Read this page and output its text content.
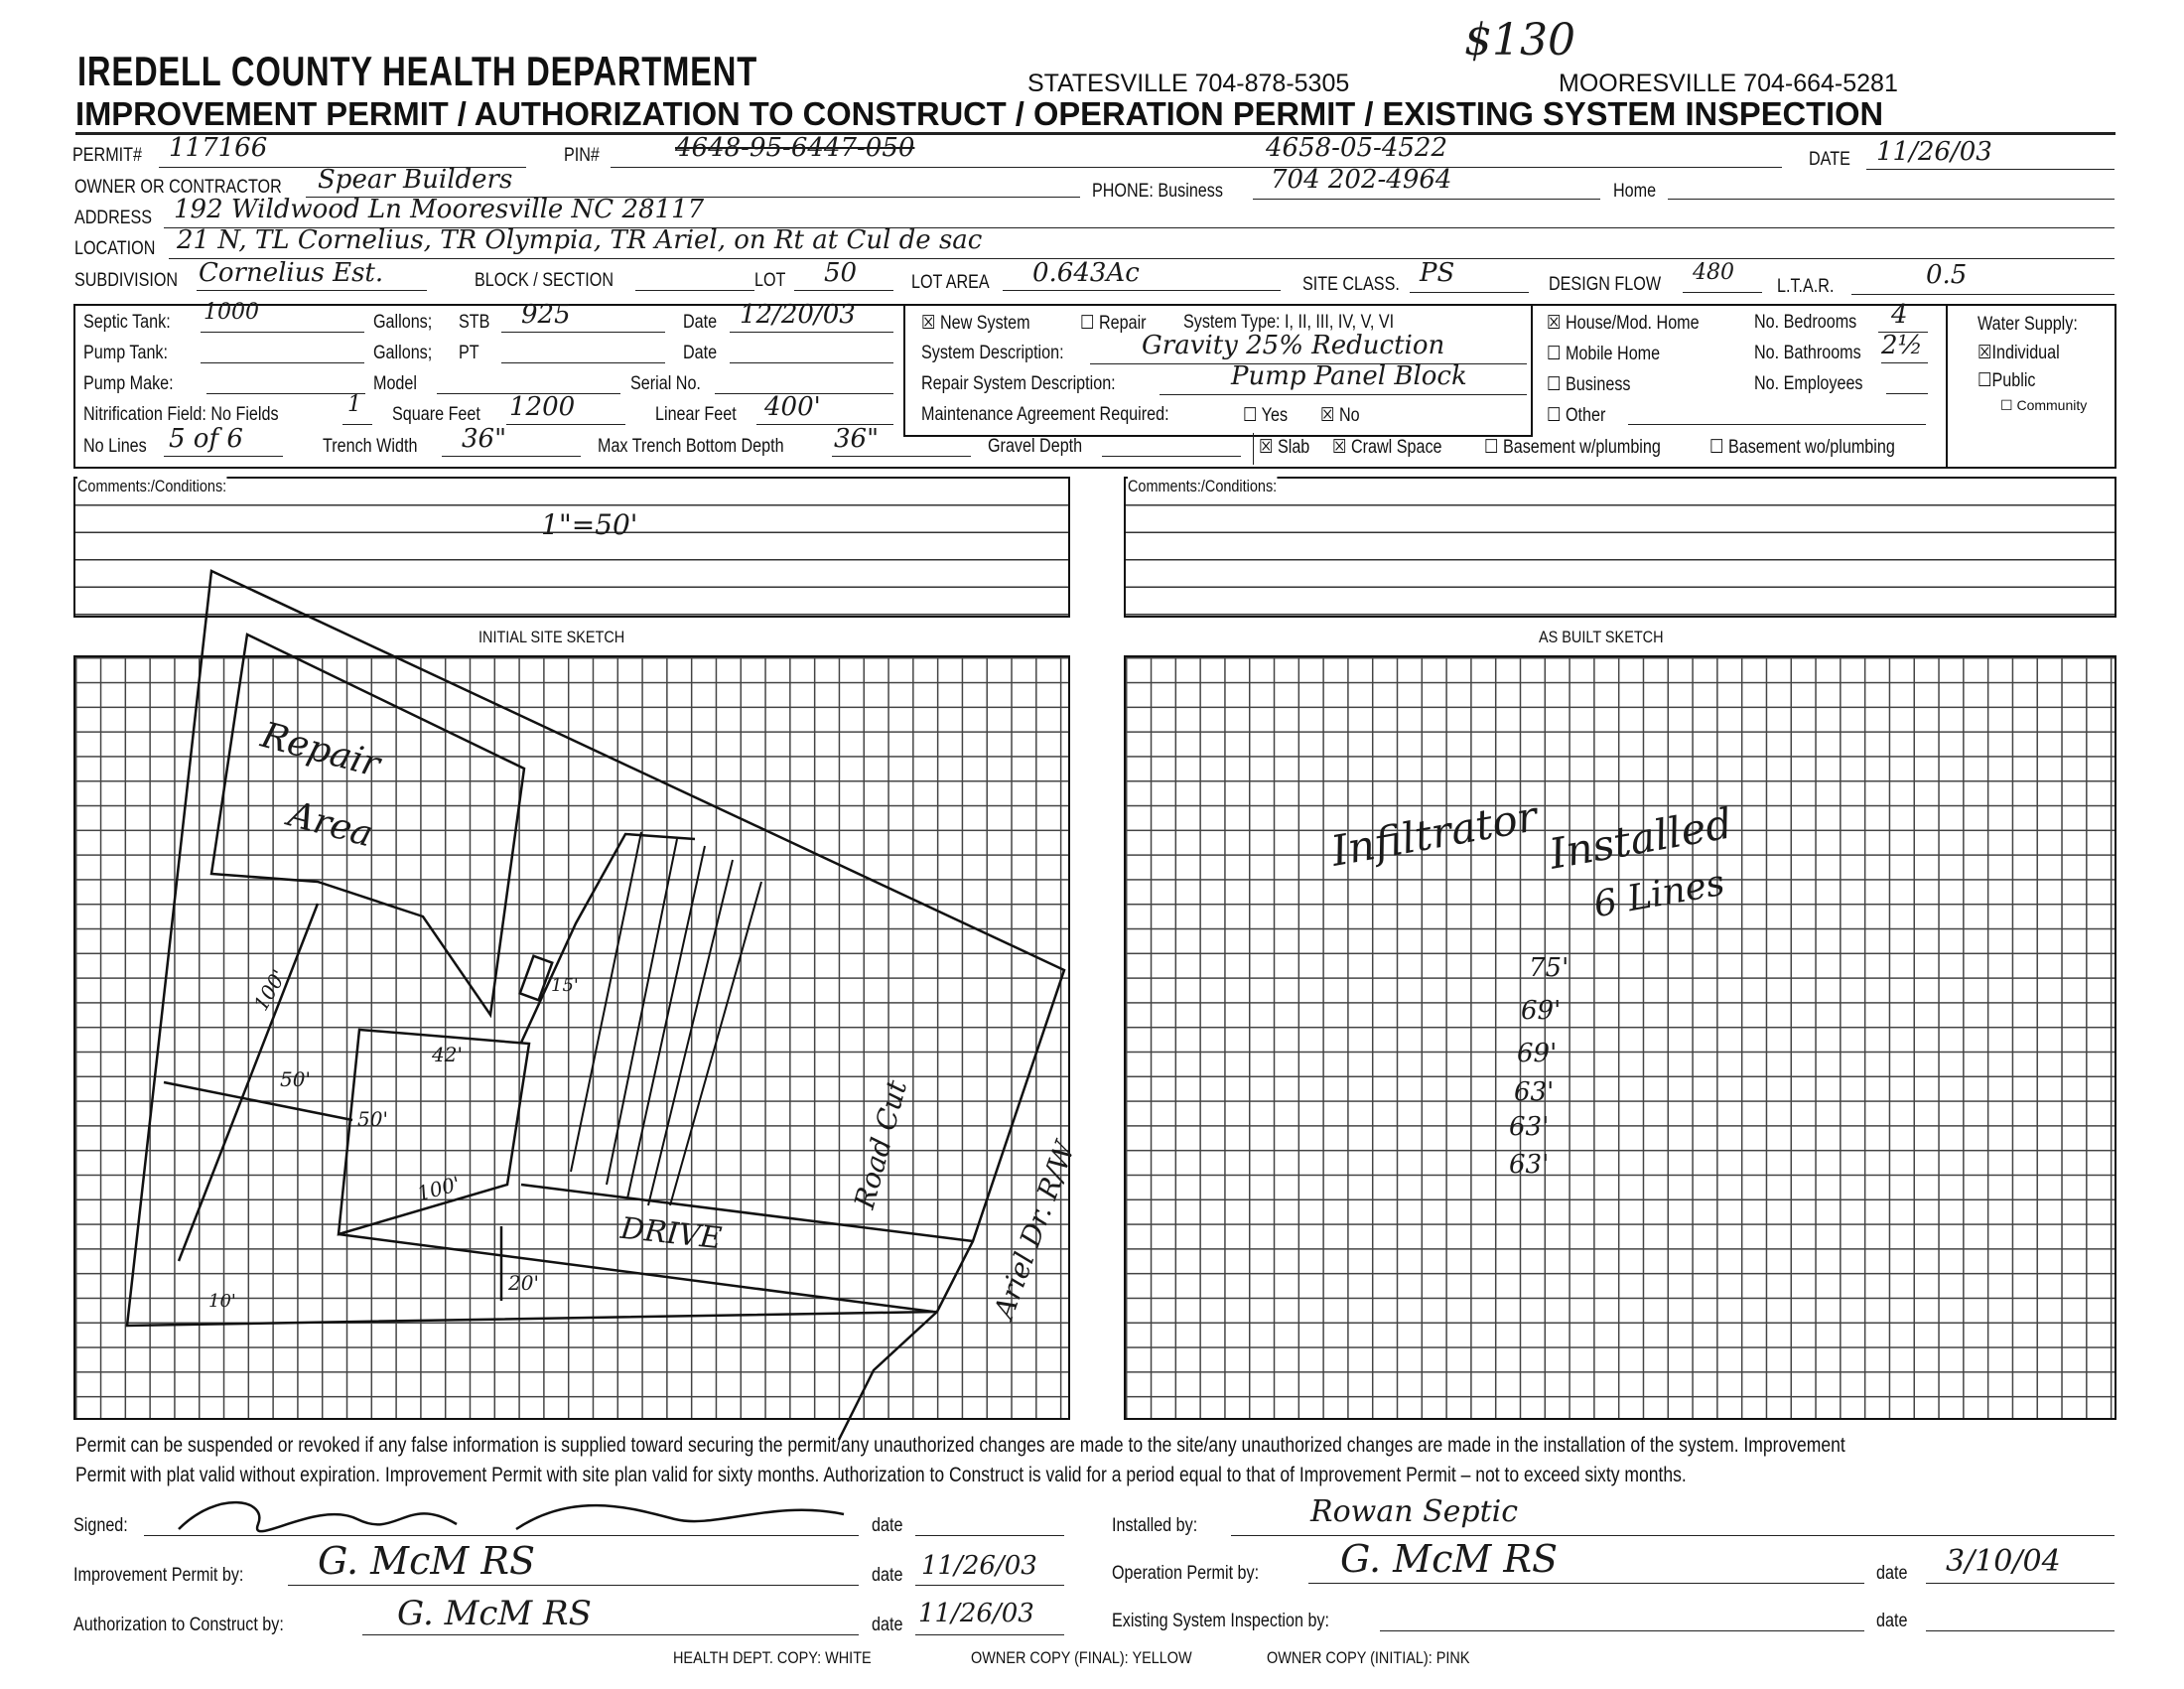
IREDELL COUNTY HEALTH DEPARTMENT	STATESVILLE 704-878-5305
$130
MOORESVILLE 704-664-5281
IMPROVEMENT PERMIT / AUTHORIZATION TO CONSTRUCT / OPERATION PERMIT / EXISTING SYSTEM INSPECTION
PERMIT# 117166	PIN#	4648-95-6447-050	4658-05-4522	DATE 11/26/03
OWNER OR CONTRACTOR Spear Builders	PHONE: Business 704 202-4964	Home
ADDRESS 192 Wildwood Ln Mooresville NC 28117
LOCATION 21 N, TL Cornelius, TR Olympia, TR Ariel, on Rt at Cul de sac
SUBDIVISION Cornelius Est.	BLOCK / SECTION	LOT 50	LOT AREA 0.643Ac	SITE CLASS. PS	DESIGN FLOW 480
L.T.A.R.	0.5
Septic Tank: 1000	Gallons; STB 925	Date 12/20/03
Pump Tank:	Gallons; PT	Date
Pump Make:	Model	Serial No.
Nitrification Field: No Fields	1 Square Feet 1200	Linear Feet 400'
No Lines 5 of 6	Trench Width 36"	Max Trench Bottom Depth 36"	Gravel Depth
☒ New System	☐ Repair System Type: I, II, III, IV, V, VI
System Description:	Gravity 25% Reduction
Repair System Description:	Pump Panel Block
Maintenance Agreement Required:	☐ Yes ☒ No
☒ House/Mod. Home
☐ Mobile Home
☐ Business
☐ Other
No. Bedrooms 4
No. Bathrooms 2½
No. Employees
☒ Slab ☒ Crawl Space ☐ Basement w/plumbing	☐ Basement wo/plumbing
Water Supply:
☒Individual
☐Public
☐ Community
Comments:/Conditions:
1"=50'
Comments:/Conditions:
INITIAL SITE SKETCH	AS BUILT SKETCH
Repair
Area
DRIVE
Road Cut	Ariel Dr. R/W
100'
50'
50'
42'
100'
20'
10'
15'
Infiltrator Installed
6 Lines
75'
69'
69'
63'
63'
63'
Permit can be suspended or revoked if any false information is supplied toward securing the permit/any unauthorized changes are made to the site/any unauthorized changes are made in the installation of the system. Improvement
Permit with plat valid without expiration. Improvement Permit with site plan valid for sixty months. Authorization to Construct is valid for a period equal to that of Improvement Permit – not to exceed sixty months.
Signed:	date	Installed by:	Rowan Septic
Improvement Permit by: G. McM RS	date 11/26/03	Operation Permit by: G. McM RS	date 3/10/04
Authorization to Construct by:	G. McM RS	date 11/26/03	Existing System Inspection by:	date
HEALTH DEPT. COPY: WHITE	OWNER COPY (FINAL): YELLOW	OWNER COPY (INITIAL): PINK
